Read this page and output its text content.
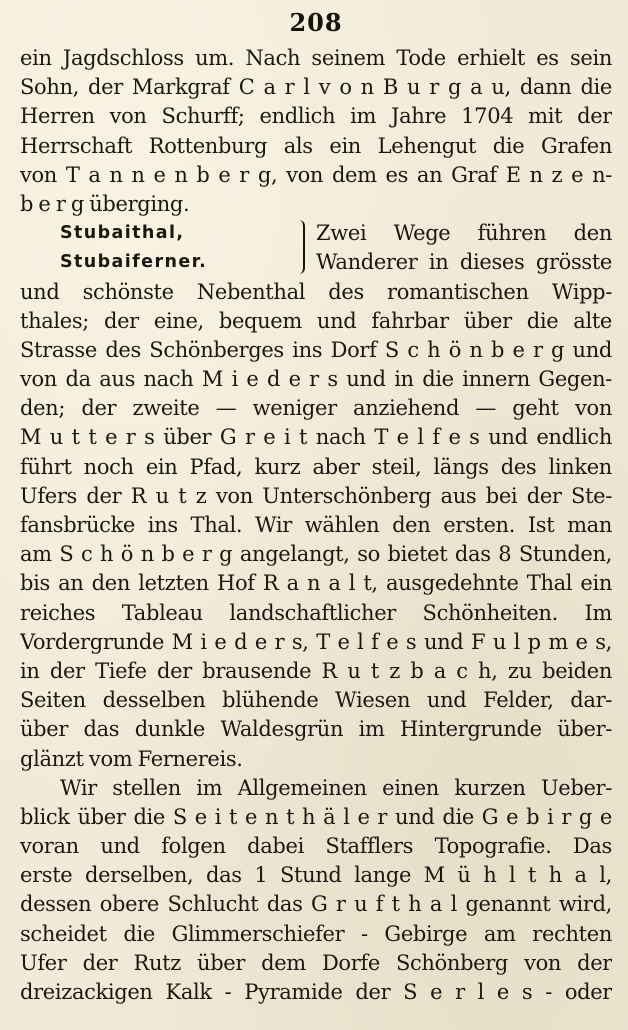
208
ein Jagdschloss um. Nach seinem Tode erhielt es sein
Sohn, der Markgraf C a r l v o n B u r g a u, dann die
Herren von Schurff; endlich im Jahre 1704 mit der
Herrschaft Rottenburg als ein Lehengut die Grafen
von T a n n e n b e r g, von dem es an Graf E n z e n-
b e r g überging.
Stubaithal,	Zwei Wege führen den
Stubaiferner.	Wanderer in dieses grösste
und schönste Nebenthal des romantischen Wipp-
thales; der eine, bequem und fahrbar über die alte
Strasse des Schönberges ins Dorf S c h ö n b e r g und
von da aus nach M i e d e r s und in die innern Gegen-
den; der zweite — weniger anziehend — geht von
M u t t e r s über G r e i t nach T e l f e s und endlich
führt noch ein Pfad, kurz aber steil, längs des linken
Ufers der R u t z von Unterschönberg aus bei der Ste-
fansbrücke ins Thal. Wir wählen den ersten. Ist man
am S c h ö n b e r g angelangt, so bietet das 8 Stunden,
bis an den letzten Hof R a n a l t, ausgedehnte Thal ein
reiches Tableau landschaftlicher Schönheiten. Im
Vordergrunde M i e d e r s, T e l f e s und F u l p m e s,
in der Tiefe der brausende R u t z b a c h, zu beiden
Seiten desselben blühende Wiesen und Felder, dar-
über das dunkle Waldesgrün im Hintergrunde über-
glänzt vom Fernereis.
Wir stellen im Allgemeinen einen kurzen Ueber-
blick über die S e i t e n t h ä l e r und die G e b i r g e
voran und folgen dabei Stafflers Topografie. Das
erste derselben, das 1 Stund lange M ü h l t h a l,
dessen obere Schlucht das G r u f t h a l genannt wird,
scheidet die Glimmerschiefer - Gebirge am rechten
Ufer der Rutz über dem Dorfe Schönberg von der
dreizackigen Kalk - Pyramide der S e r l e s - oder
